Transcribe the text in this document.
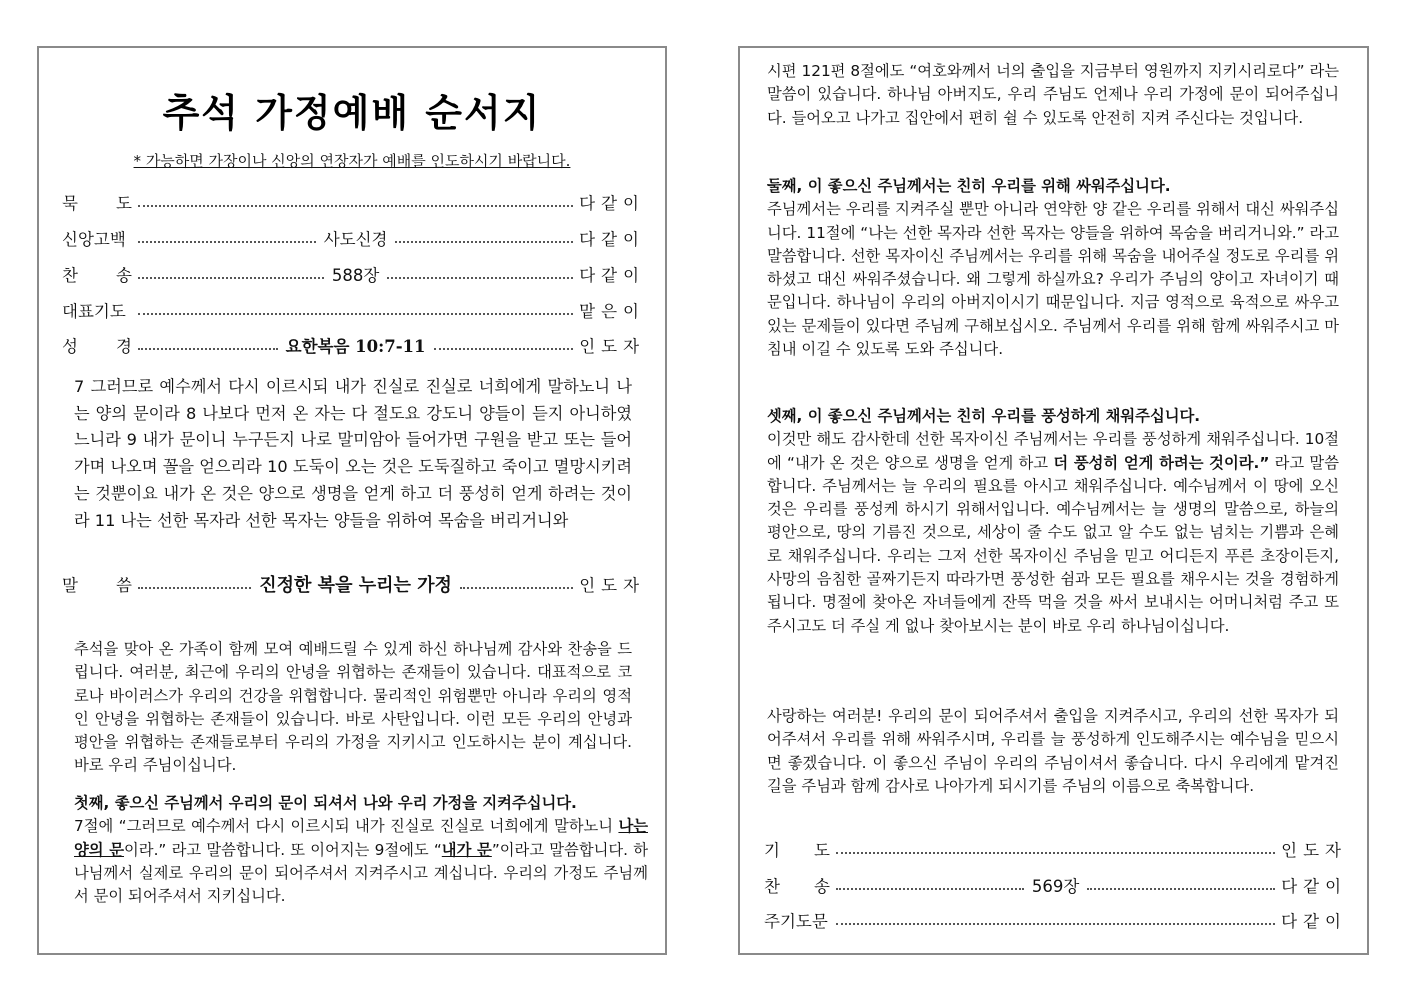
추석 가정예배 순서지
* 가능하면 가장이나 신앙의 연장자가 예배를 인도하시기 바랍니다.
묵 도	다같이
신앙고백	사도신경	다같이
찬 송	588장	다같이
대표기도	맡은이
성 경	요한복음 10:7-11	인도자
7 그러므로 예수께서 다시 이르시되 내가 진실로 진실로 너희에게 말하노니 나는 양의 문이라 8 나보다 먼저 온 자는 다 절도요 강도니 양들이 듣지 아니하였느니라 9 내가 문이니 누구든지 나로 말미암아 들어가면 구원을 받고 또는 들어가며 나오며 꼴을 얻으리라 10 도둑이 오는 것은 도둑질하고 죽이고 멸망시키려는 것뿐이요 내가 온 것은 양으로 생명을 얻게 하고 더 풍성히 얻게 하려는 것이라 11 나는 선한 목자라 선한 목자는 양들을 위하여 목숨을 버리거니와
말 씀	진정한 복을 누리는 가정	인도자
추석을 맞아 온 가족이 함께 모여 예배드릴 수 있게 하신 하나님께 감사와 찬송을 드립니다. 여러분, 최근에 우리의 안녕을 위협하는 존재들이 있습니다. 대표적으로 코로나 바이러스가 우리의 건강을 위협합니다. 물리적인 위험뿐만 아니라 우리의 영적인 안녕을 위협하는 존재들이 있습니다. 바로 사탄입니다. 이런 모든 우리의 안녕과 평안을 위협하는 존재들로부터 우리의 가정을 지키시고 인도하시는 분이 계십니다. 바로 우리 주님이십니다.
첫째, 좋으신 주님께서 우리의 문이 되셔서 나와 우리 가정을 지켜주십니다.
7절에 “그러므로 예수께서 다시 이르시되 내가 진실로 진실로 너희에게 말하노니 나는 양의 문이라.” 라고 말씀합니다. 또 이어지는 9절에도 “내가 문”이라고 말씀합니다. 하나님께서 실제로 우리의 문이 되어주셔서 지켜주시고 계십니다. 우리의 가정도 주님께서 문이 되어주셔서 지키십니다.
시편 121편 8절에도 “여호와께서 너의 출입을 지금부터 영원까지 지키시리로다” 라는 말씀이 있습니다. 하나님 아버지도, 우리 주님도 언제나 우리 가정에 문이 되어주십니다. 들어오고 나가고 집안에서 편히 쉴 수 있도록 안전히 지켜 주신다는 것입니다.
둘째, 이 좋으신 주님께서는 친히 우리를 위해 싸워주십니다.
주님께서는 우리를 지켜주실 뿐만 아니라 연약한 양 같은 우리를 위해서 대신 싸워주십니다. 11절에 “나는 선한 목자라 선한 목자는 양들을 위하여 목숨을 버리거니와.” 라고 말씀합니다. 선한 목자이신 주님께서는 우리를 위해 목숨을 내어주실 정도로 우리를 위하셨고 대신 싸워주셨습니다. 왜 그렇게 하실까요? 우리가 주님의 양이고 자녀이기 때문입니다. 하나님이 우리의 아버지이시기 때문입니다. 지금 영적으로 육적으로 싸우고 있는 문제들이 있다면 주님께 구해보십시오. 주님께서 우리를 위해 함께 싸워주시고 마침내 이길 수 있도록 도와 주십니다.
셋째, 이 좋으신 주님께서는 친히 우리를 풍성하게 채워주십니다.
이것만 해도 감사한데 선한 목자이신 주님께서는 우리를 풍성하게 채워주십니다. 10절에 “내가 온 것은 양으로 생명을 얻게 하고 더 풍성히 얻게 하려는 것이라.” 라고 말씀합니다. 주님께서는 늘 우리의 필요를 아시고 채워주십니다. 예수님께서 이 땅에 오신 것은 우리를 풍성케 하시기 위해서입니다. 예수님께서는 늘 생명의 말씀으로, 하늘의 평안으로, 땅의 기름진 것으로, 세상이 줄 수도 없고 알 수도 없는 넘치는 기쁨과 은혜로 채워주십니다. 우리는 그저 선한 목자이신 주님을 믿고 어디든지 푸른 초장이든지, 사망의 음침한 골짜기든지 따라가면 풍성한 쉼과 모든 필요를 채우시는 것을 경험하게 됩니다. 명절에 찾아온 자녀들에게 잔뜩 먹을 것을 싸서 보내시는 어머니처럼 주고 또 주시고도 더 주실 게 없나 찾아보시는 분이 바로 우리 하나님이십니다.
사랑하는 여러분! 우리의 문이 되어주셔서 출입을 지켜주시고, 우리의 선한 목자가 되어주셔서 우리를 위해 싸워주시며, 우리를 늘 풍성하게 인도해주시는 예수님을 믿으시면 좋겠습니다. 이 좋으신 주님이 우리의 주님이셔서 좋습니다. 다시 우리에게 맡겨진 길을 주님과 함께 감사로 나아가게 되시기를 주님의 이름으로 축복합니다.
기 도	인도자
찬 송	569장	다같이
주기도문	다같이
